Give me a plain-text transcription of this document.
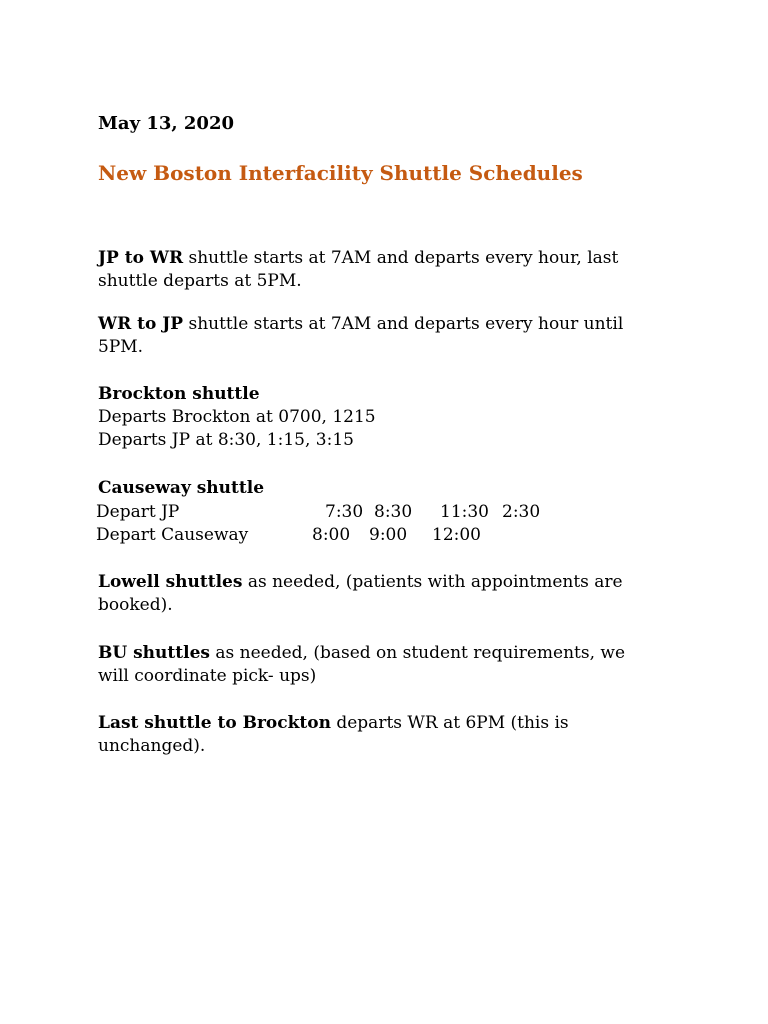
May 13, 2020
New Boston Interfacility Shuttle Schedules
JP to WR shuttle starts at 7AM and departs every hour, last
shuttle departs at 5PM.
WR to JP shuttle starts at 7AM and departs every hour until
5PM.
Brockton shuttle
Departs Brockton at 0700, 1215
Departs JP at 8:30, 1:15, 3:15
Causeway shuttle
Depart JP	7:30 8:30 11:30 2:30
Depart Causeway	8:00 9:00 12:00
Lowell shuttles as needed, (patients with appointments are
booked).
BU shuttles as needed, (based on student requirements, we
will coordinate pick- ups)
Last shuttle to Brockton departs WR at 6PM (this is
unchanged).
